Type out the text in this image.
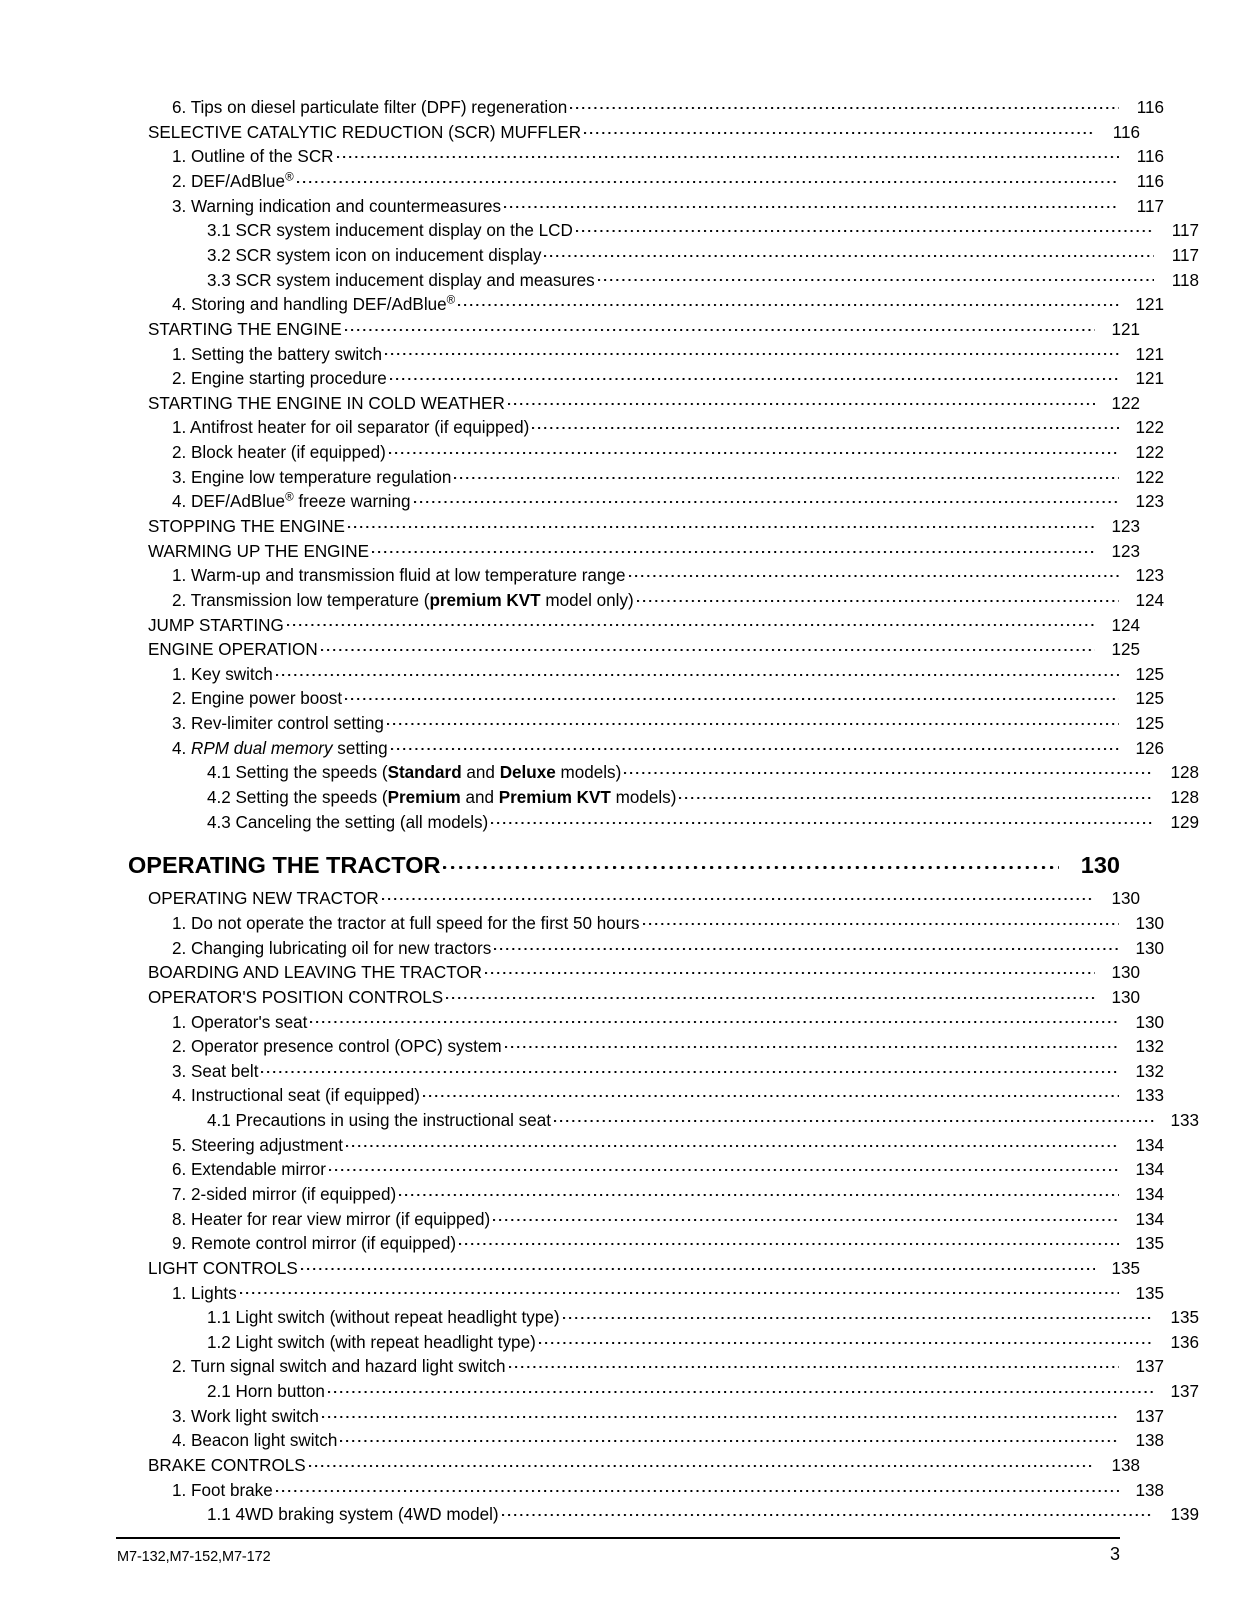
6. Tips on diesel particulate filter (DPF) regeneration	116
SELECTIVE CATALYTIC REDUCTION (SCR) MUFFLER	116
1. Outline of the SCR	116
2. DEF/AdBlue®	116
3. Warning indication and countermeasures	117
3.1 SCR system inducement display on the LCD	117
3.2 SCR system icon on inducement display	117
3.3 SCR system inducement display and measures	118
4. Storing and handling DEF/AdBlue®	121
STARTING THE ENGINE	121
1. Setting the battery switch	121
2. Engine starting procedure	121
STARTING THE ENGINE IN COLD WEATHER	122
1. Antifrost heater for oil separator (if equipped)	122
2. Block heater (if equipped)	122
3. Engine low temperature regulation	122
4. DEF/AdBlue® freeze warning	123
STOPPING THE ENGINE	123
WARMING UP THE ENGINE	123
1. Warm-up and transmission fluid at low temperature range	123
2. Transmission low temperature (premium KVT model only)	124
JUMP STARTING	124
ENGINE OPERATION	125
1. Key switch	125
2. Engine power boost	125
3. Rev-limiter control setting	125
4. RPM dual memory setting	126
4.1 Setting the speeds (Standard and Deluxe models)	128
4.2 Setting the speeds (Premium and Premium KVT models)	128
4.3 Canceling the setting (all models)	129
OPERATING THE TRACTOR	130
OPERATING NEW TRACTOR	130
1. Do not operate the tractor at full speed for the first 50 hours	130
2. Changing lubricating oil for new tractors	130
BOARDING AND LEAVING THE TRACTOR	130
OPERATOR'S POSITION CONTROLS	130
1. Operator's seat	130
2. Operator presence control (OPC) system	132
3. Seat belt	132
4. Instructional seat (if equipped)	133
4.1 Precautions in using the instructional seat	133
5. Steering adjustment	134
6. Extendable mirror	134
7. 2-sided mirror (if equipped)	134
8. Heater for rear view mirror (if equipped)	134
9. Remote control mirror (if equipped)	135
LIGHT CONTROLS	135
1. Lights	135
1.1 Light switch (without repeat headlight type)	135
1.2 Light switch (with repeat headlight type)	136
2. Turn signal switch and hazard light switch	137
2.1 Horn button	137
3. Work light switch	137
4. Beacon light switch	138
BRAKE CONTROLS	138
1. Foot brake	138
1.1 4WD braking system (4WD model)	139
M7-132,M7-152,M7-172	3
